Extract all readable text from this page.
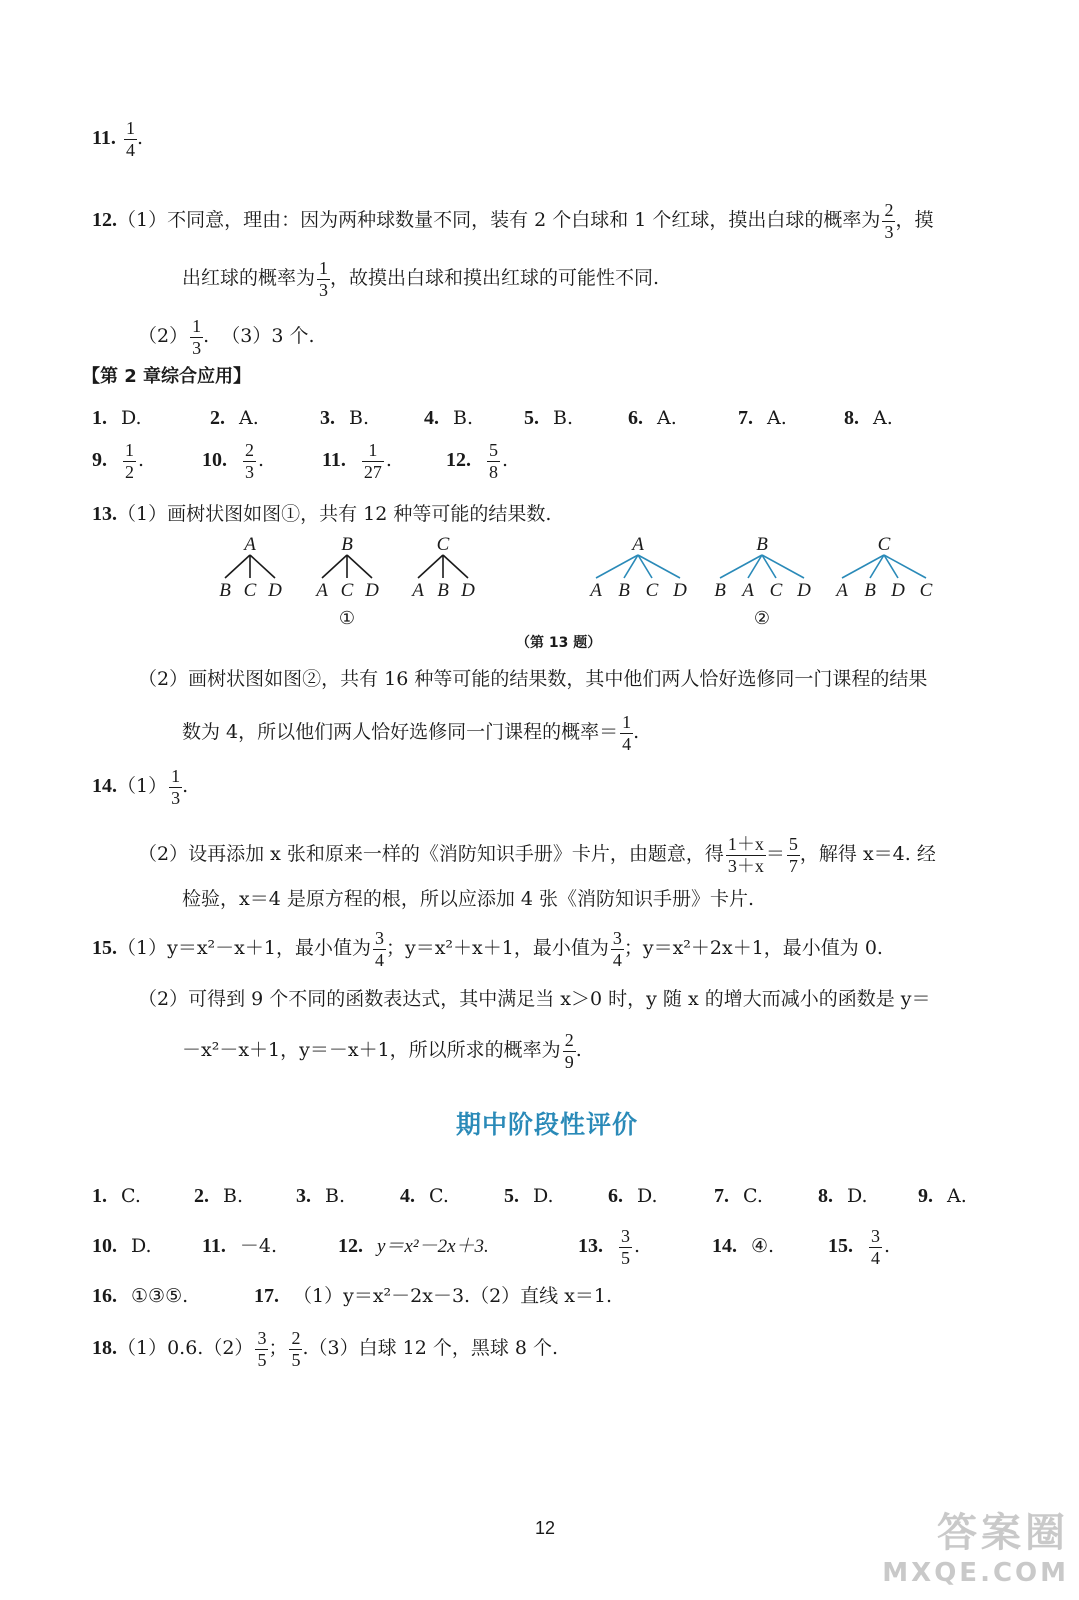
11. $\frac{1}{4}$ .
12.（1）不同意，理由：因为两种球数量不同，装有 2 个白球和 1 个红球，摸出白球的概率为 $\frac{2}{3}$ ，摸
出红球的概率为 $\frac{1}{3}$ ，故摸出白球和摸出红球的可能性不同.
$(2) \frac{1}{3}$ . （3）3 个.
【第 2 章综合应用】
1. D.	2. A.	3. B.	4. B.	5. B.	6. A.	7. A.	8. A.
9. $\frac{1}{2}$ .	10. $\frac{2}{3}$ .	11. $\frac{1}{27}$ .	12. $\frac{5}{8}$ .
13.（1）画树状图如图①，共有 12 种等可能的结果数.
A
B C D
B
A C D
C
A B D
①
A
A B C D
B
B A C D
C
A B D C
②
（第 13 题）
（2）画树状图如图②，共有 16 种等可能的结果数，其中他们两人恰好选修同一门课程的结果
数为 4，所以他们两人恰好选修同一门课程的概率＝ $\frac{1}{4}$ .
$14.(1) \frac{1}{3}$ .
（2）设再添加 x 张和原来一样的《消防知识手册》卡片，由题意，得 $\frac{1+x}{3+x} = \frac{5}{7}$ ，解得 x＝4. 经
检验，x＝4 是原方程的根，所以应添加 4 张《消防知识手册》卡片.
15.（1）y＝x²－x＋1，最小值为 $\frac{3}{4}$ ；y＝x²＋x＋1，最小值为 $\frac{3}{4}$ ；y＝x²＋2x＋1，最小值为 0.
（2）可得到 9 个不同的函数表达式，其中满足当 x＞0 时，y 随 x 的增大而减小的函数是 y＝
－x²－x＋1，y＝－x＋1，所以所求的概率为 $\frac{2}{9}$ .
期中阶段性评价
1. C.	2. B.	3. B.	4. C.	5. D.	6. D.	7. C.	8. D.	9. A.
10. D.	11. －4.	12. y＝x²－2x＋3.	13. $\frac{3}{5}$ .	14. ④.	15. $\frac{3}{4}$ .
16. ①③⑤.	17. （1）y＝x²－2x－3.（2）直线 x＝1.
$18.(1)0.6.(2) \frac{3}{5}$ ； $\frac{2}{5} .(3)$白球 12 个，黑球 8 个.
12	答案圈
MXQE.COM
